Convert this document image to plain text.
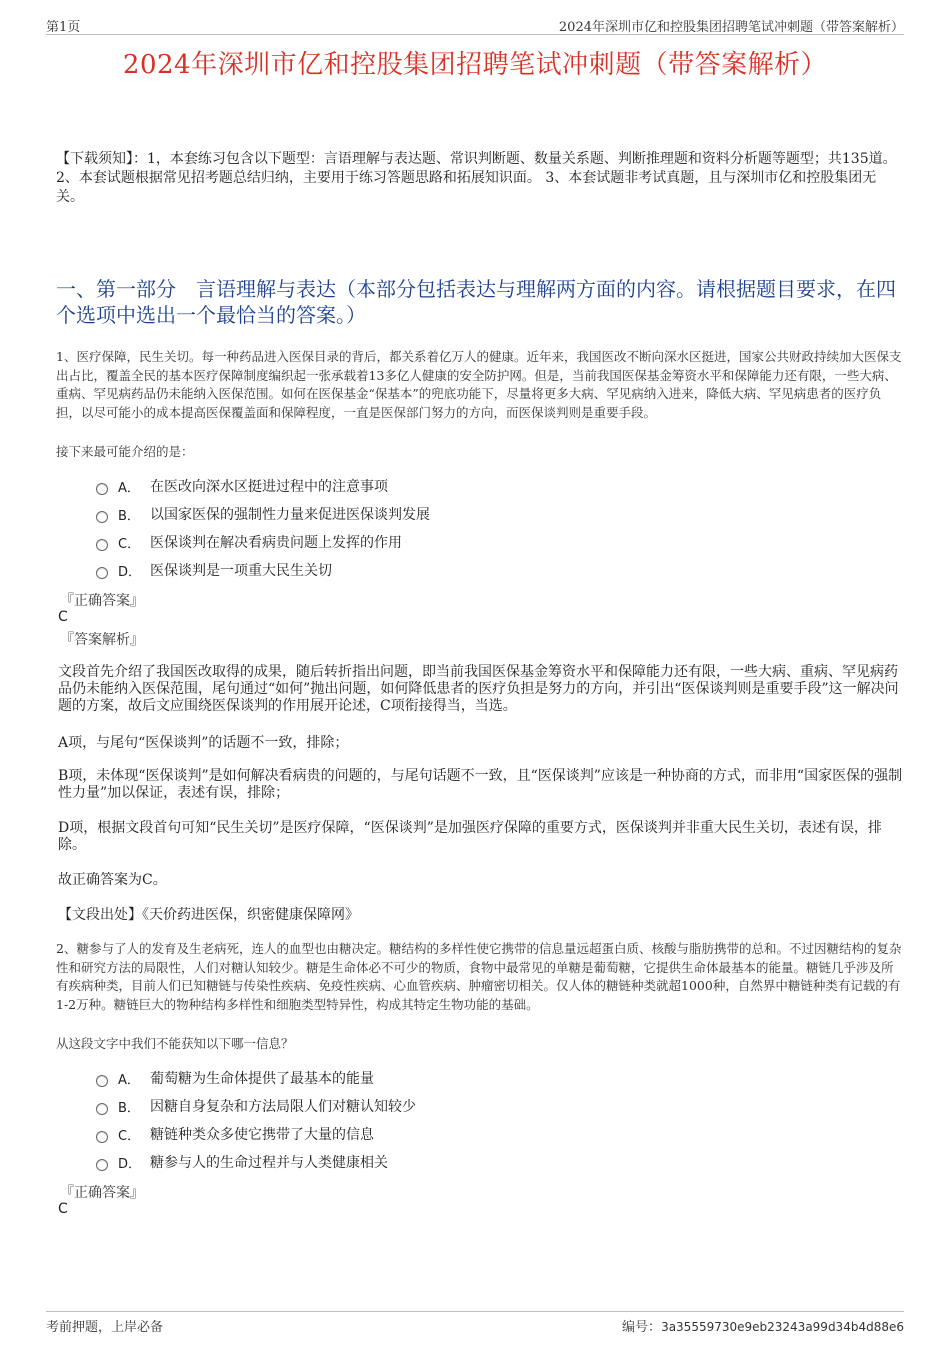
第1页	2024年深圳市亿和控股集团招聘笔试冲刺题（带答案解析）
2024年深圳市亿和控股集团招聘笔试冲刺题（带答案解析）
【下载须知】：1，本套练习包含以下题型：言语理解与表达题、常识判断题、数量关系题、判断推理题和资料分析题等题型；共135道。 2、本套试题根据常见招考题总结归纳，主要用于练习答题思路和拓展知识面。 3、本套试题非考试真题，且与深圳市亿和控股集团无关。
一、第一部分　言语理解与表达（本部分包括表达与理解两方面的内容。请根据题目要求，在四个选项中选出一个最恰当的答案。）
1、医疗保障，民生关切。每一种药品进入医保目录的背后，都关系着亿万人的健康。近年来，我国医改不断向深水区挺进，国家公共财政持续加大医保支出占比，覆盖全民的基本医疗保障制度编织起一张承载着13多亿人健康的安全防护网。但是，当前我国医保基金筹资水平和保障能力还有限，一些大病、重病、罕见病药品仍未能纳入医保范围。如何在医保基金“保基本”的兜底功能下，尽量将更多大病、罕见病纳入进来，降低大病、罕见病患者的医疗负担，以尽可能小的成本提高医保覆盖面和保障程度，一直是医保部门努力的方向，而医保谈判则是重要手段。
接下来最可能介绍的是：
A． 在医改向深水区挺进过程中的注意事项
B． 以国家医保的强制性力量来促进医保谈判发展
C． 医保谈判在解决看病贵问题上发挥的作用
D． 医保谈判是一项重大民生关切
『正确答案』
C
『答案解析』
文段首先介绍了我国医改取得的成果，随后转折指出问题，即当前我国医保基金筹资水平和保障能力还有限，一些大病、重病、罕见病药品仍未能纳入医保范围，尾句通过“如何”抛出问题，如何降低患者的医疗负担是努力的方向，并引出“医保谈判则是重要手段”这一解决问题的方案，故后文应围绕医保谈判的作用展开论述，C项衔接得当，当选。
A项，与尾句“医保谈判”的话题不一致，排除；
B项，未体现“医保谈判”是如何解决看病贵的问题的，与尾句话题不一致，且“医保谈判”应该是一种协商的方式，而非用“国家医保的强制性力量”加以保证，表述有误，排除；
D项，根据文段首句可知“民生关切”是医疗保障，“医保谈判”是加强医疗保障的重要方式，医保谈判并非重大民生关切，表述有误，排除。
故正确答案为C。
【文段出处】《天价药进医保，织密健康保障网》
2、糖参与了人的发育及生老病死，连人的血型也由糖决定。糖结构的多样性使它携带的信息量远超蛋白质、核酸与脂肪携带的总和。不过因糖结构的复杂性和研究方法的局限性，人们对糖认知较少。糖是生命体必不可少的物质，食物中最常见的单糖是葡萄糖，它提供生命体最基本的能量。糖链几乎涉及所有疾病种类，目前人们已知糖链与传染性疾病、免疫性疾病、心血管疾病、肿瘤密切相关。仅人体的糖链种类就超1000种，自然界中糖链种类有记载的有1-2万种。糖链巨大的物种结构多样性和细胞类型特异性，构成其特定生物功能的基础。
从这段文字中我们不能获知以下哪一信息？
A． 葡萄糖为生命体提供了最基本的能量
B． 因糖自身复杂和方法局限人们对糖认知较少
C． 糖链种类众多使它携带了大量的信息
D． 糖参与人的生命过程并与人类健康相关
『正确答案』
C
考前押题，上岸必备	编号：3a35559730e9eb23243a99d34b4d88e6
